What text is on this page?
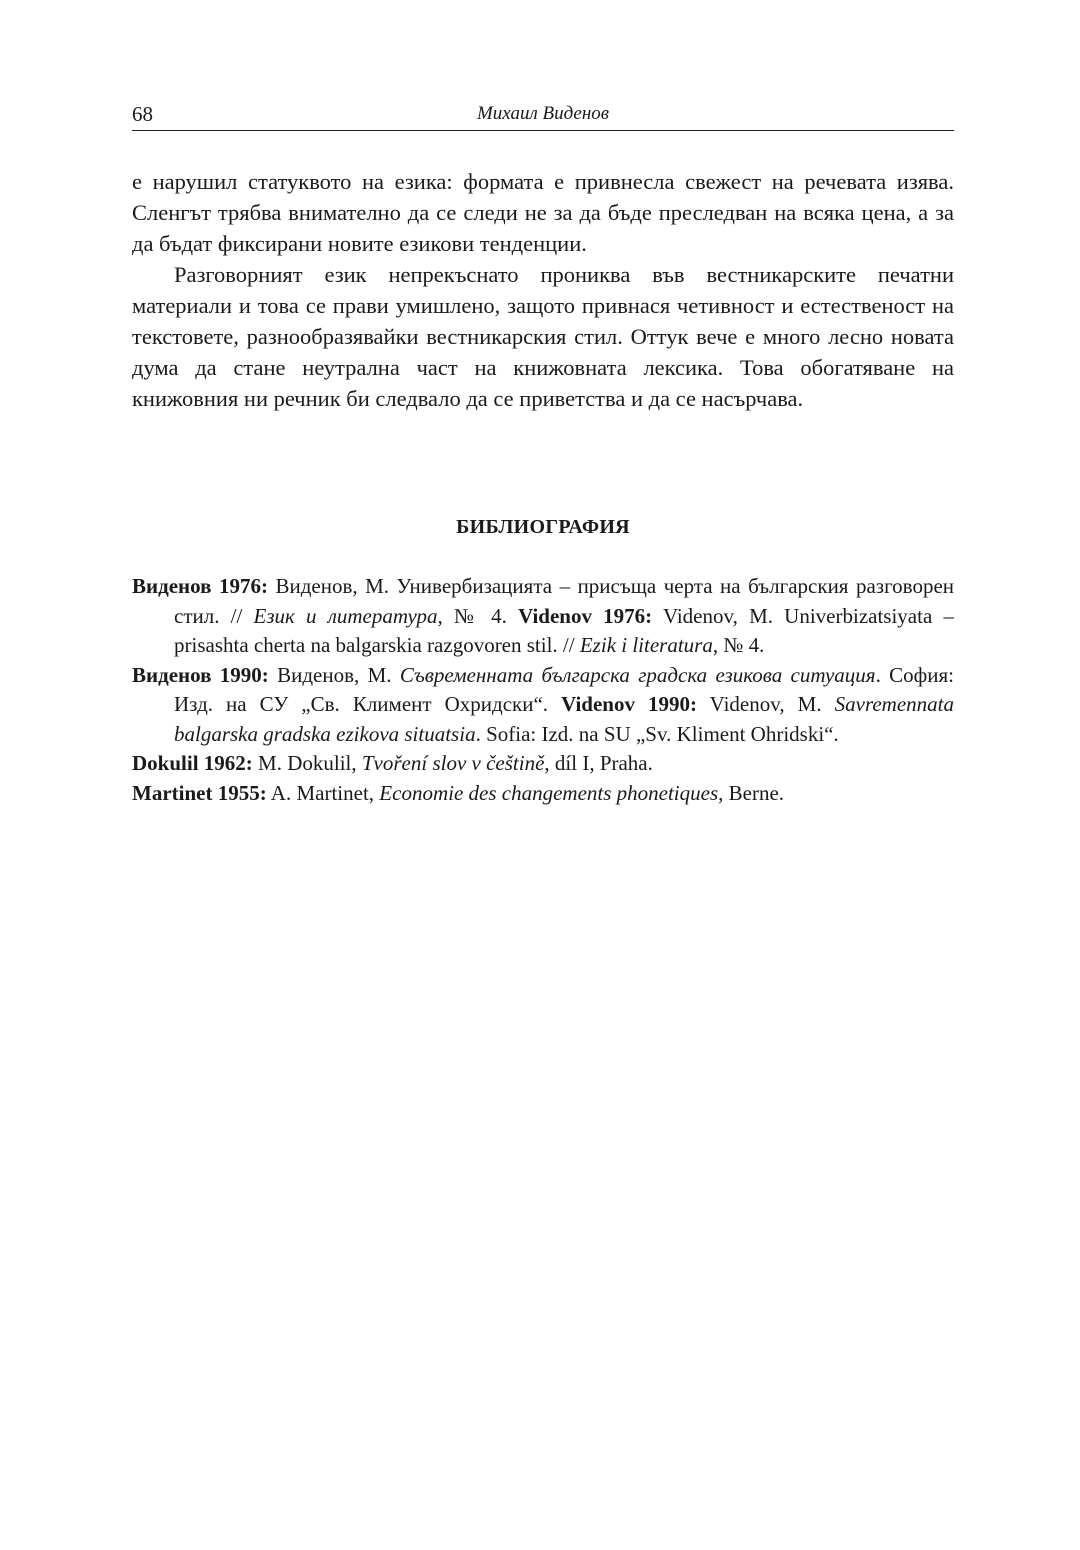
68	Михаил Виденов

е нарушил статуквото на езика: формата е привнесла свежест на речевата изява. Сленгът трябва внимателно да се следи не за да бъде преследван на всяка цена, а за да бъдат фиксирани новите езикови тенденции.

Разговорният език непрекъснато прониква във вестникарските печатни материали и това се прави умишлено, защото привнася четивност и естественост на текстовете, разнообразявайки вестникарския стил. Оттук вече е много лесно новата дума да стане неутрална част на книжовната лексика. Това обогатяване на книжовния ни речник би следвало да се приветства и да се насърчава.

БИБЛИОГРАФИЯ

Виденов 1976: Виденов, М. Универбизацията – присъща черта на българския разговорен стил. // Език и литература, № 4. Videnov 1976: Videnov, M. Univerbizatsiyata – prisashta cherta na balgarskia razgovoren stil. // Ezik i literatura, № 4.

Виденов 1990: Виденов, М. Съвременната българска градска езикова ситуация. София: Изд. на СУ „Св. Климент Охридски“. Videnov 1990: Videnov, M. Savremennata balgarska gradska ezikova situatsia. Sofia: Izd. na SU „Sv. Kliment Ohridski“.

Dokulil 1962: M. Dokulil, Tvoření slov v češtině, díl I, Praha.

Martinet 1955: A. Martinet, Economie des changements phonetiques, Berne.
